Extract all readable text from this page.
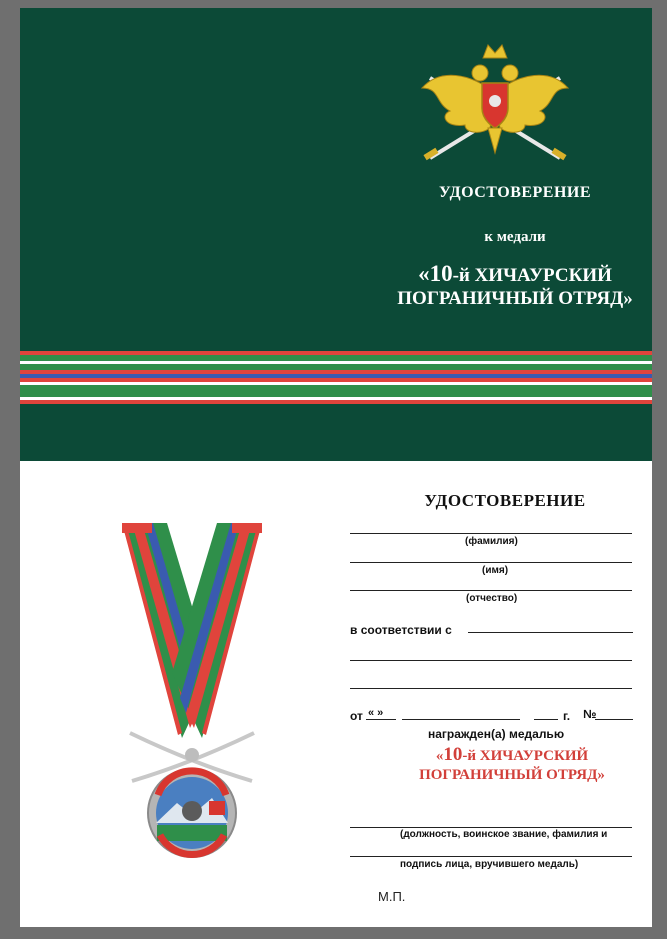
УДОСТОВЕРЕНИЕ
к медали
«10-й ХИЧАУРСКИЙ
ПОГРАНИЧНЫЙ ОТРЯД»
УДОСТОВЕРЕНИЕ
(фамилия)
(имя)
(отчество)
в соответствии с
от « »	г. №
награжден(а) медалью
«10-й ХИЧАУРСКИЙ
ПОГРАНИЧНЫЙ ОТРЯД»
(должность, воинское звание, фамилия и
подпись лица, вручившего медаль)
М.П.
